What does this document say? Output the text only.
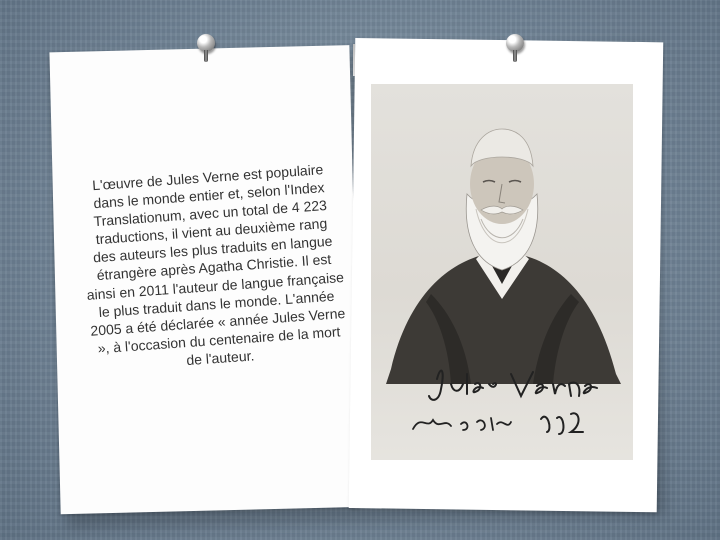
L'œuvre de Jules Verne est populaire dans le monde entier et, selon l'Index Translationum, avec un total de 4 223 traductions, il vient au deuxième rang des auteurs les plus traduits en langue étrangère après Agatha Christie. Il est ainsi en 2011 l'auteur de langue française le plus traduit dans le monde. L'année 2005 a été déclarée « année Jules Verne », à l'occasion du centenaire de la mort de l'auteur.
